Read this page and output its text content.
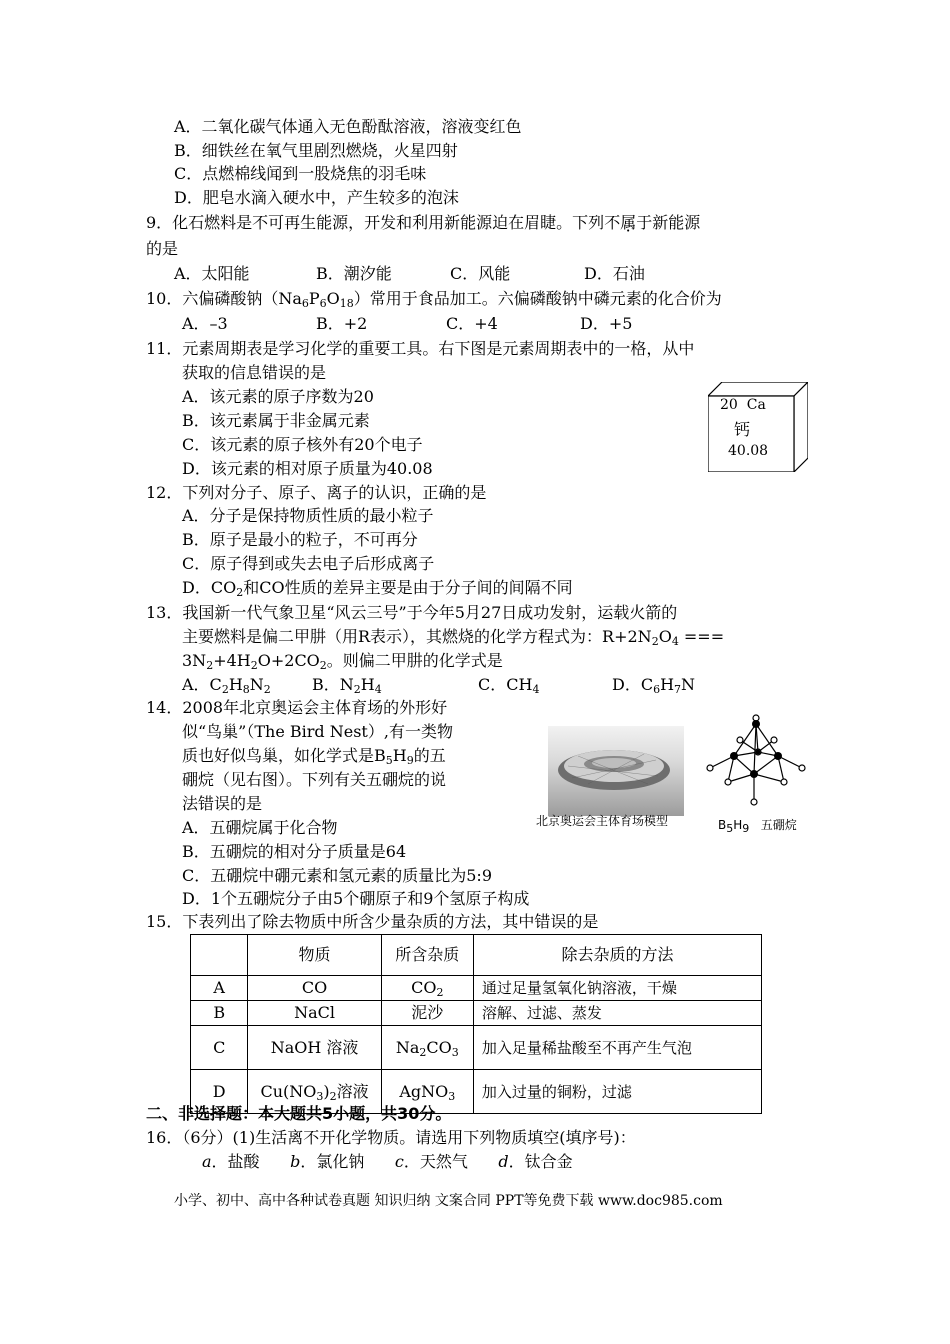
A．二氧化碳气体通入无色酚酞溶液，溶液变红色
B．细铁丝在氧气里剧烈燃烧，火星四射
C．点燃棉线闻到一股烧焦的羽毛味
D．肥皂水滴入硬水中，产生较多的泡沫
9．化石燃料是不可再生能源，开发和利用新能源迫在眉睫。下列不属于新能源
的是
A．太阳能	B．潮汐能	C．风能	D．石油
10．六偏磷酸钠$(Na_6P_6O_{18})$常用于食品加工。六偏磷酸钠中磷元素的化合价为
A．–3	B．+2	C．+4	D．+5
11．元素周期表是学习化学的重要工具。右下图是元素周期表中的一格，从中
获取的信息错误的是
A．该元素的原子序数为20
B．该元素属于非金属元素
C．该元素的原子核外有20个电子
D．该元素的相对原子质量为40.08
20 Ca
钙
40.08
12．下列对分子、原子、离子的认识，正确的是
A．分子是保持物质性质的最小粒子
B．原子是最小的粒子，不可再分
C．原子得到或失去电子后形成离子
D．$CO_2$和CO性质的差异主要是由于分子间的间隔不同
13．我国新一代气象卫星“风云三号”于今年5月27日成功发射，运载火箭的
主要燃料是偏二甲肼（用R表示），其燃烧的化学方程式为：$R+2N_2O_4$ ===
$3N_2+4H_2O+2CO_2$。则偏二甲肼的化学式是
A．$C_2H_8N_2$	B．$N_2H_4$	C．$CH_4$	D．$C_6H_7N$
14．2008年北京奥运会主体育场的外形好
似“鸟巢”（The Bird Nest）,有一类物
质也好似鸟巢，如化学式是$B_5H_9$的五
硼烷（见右图）。下列有关五硼烷的说
法错误的是
A．五硼烷属于化合物
B．五硼烷的相对分子质量是64
C．五硼烷中硼元素和氢元素的质量比为5:9
D．1个五硼烷分子由5个硼原子和9个氢原子构成
北京奥运会主体育场模型	$B_5H_9$ 五硼烷
15．下表列出了除去物质中所含少量杂质的方法，其中错误的是
	物质	所含杂质	除去杂质的方法
A	CO	$CO_2$	通过足量氢氧化钠溶液，干燥
B	NaCl	泥沙	溶解、过滤、蒸发
C	NaOH 溶液	$Na_2CO_3$	加入足量稀盐酸至不再产生气泡
D	$Cu(NO_3)_2$溶液	AgNO$_3$	加入过量的铜粉，过滤
二、非选择题：本大题共5小题，共30分。
16．（6分）(1)生活离不开化学物质。请选用下列物质填空(填序号)：
a．盐酸 b．氯化钠 c．天然气 d．钛合金
小学、初中、高中各种试卷真题 知识归纳 文案合同 PPT等免费下载 www.doc985.com
